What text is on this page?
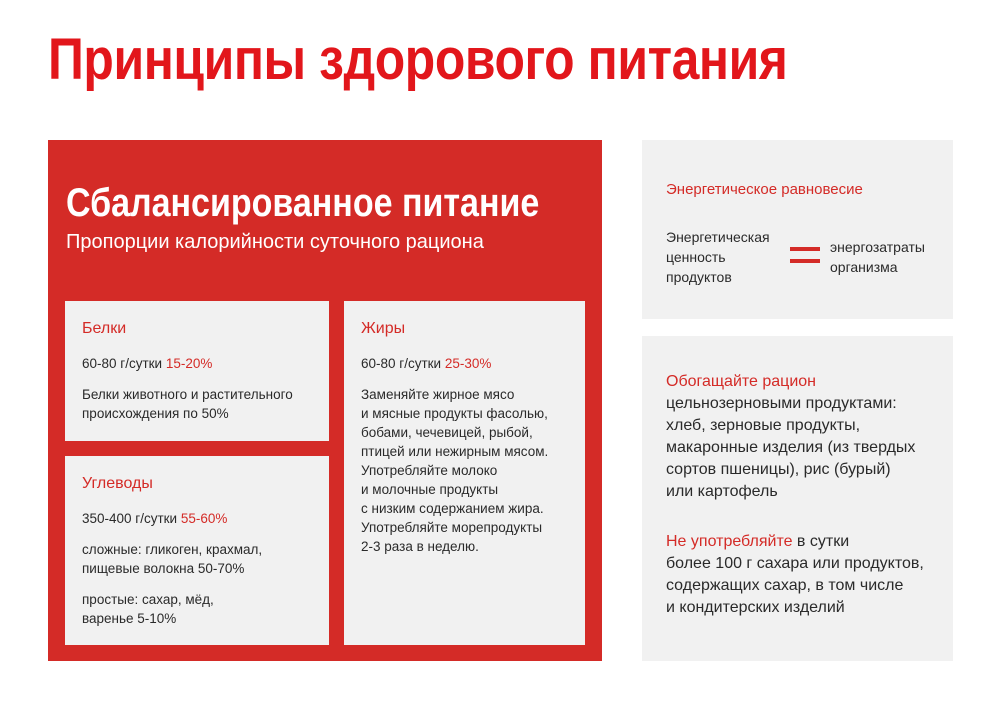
Принципы здорового питания
Сбалансированное питание
Пропорции калорийности суточного рациона
Белки
60-80 г/сутки 15-20%
Белки животного и растительного
происхождения по 50%
Углеводы
350-400 г/сутки 55-60%
сложные: гликоген, крахмал,
пищевые волокна 50-70%
простые: сахар, мёд,
варенье 5-10%
Жиры
60-80 г/сутки 25-30%
Заменяйте жирное мясо
и мясные продукты фасолью,
бобами, чечевицей, рыбой,
птицей или нежирным мясом.
Употребляйте молоко
и молочные продукты
с низким содержанием жира.
Употребляйте морепродукты
2-3 раза в неделю.
Энергетическое равновесие
Энергетическая
ценность
продуктов
энергозатраты
организма
Обогащайте рацион
цельнозерновыми продуктами:
хлеб, зерновые продукты,
макаронные изделия (из твердых
сортов пшеницы), рис (бурый)
или картофель
Не употребляйте в сутки
более 100 г сахара или продуктов,
содержащих сахар, в том числе
и кондитерских изделий
